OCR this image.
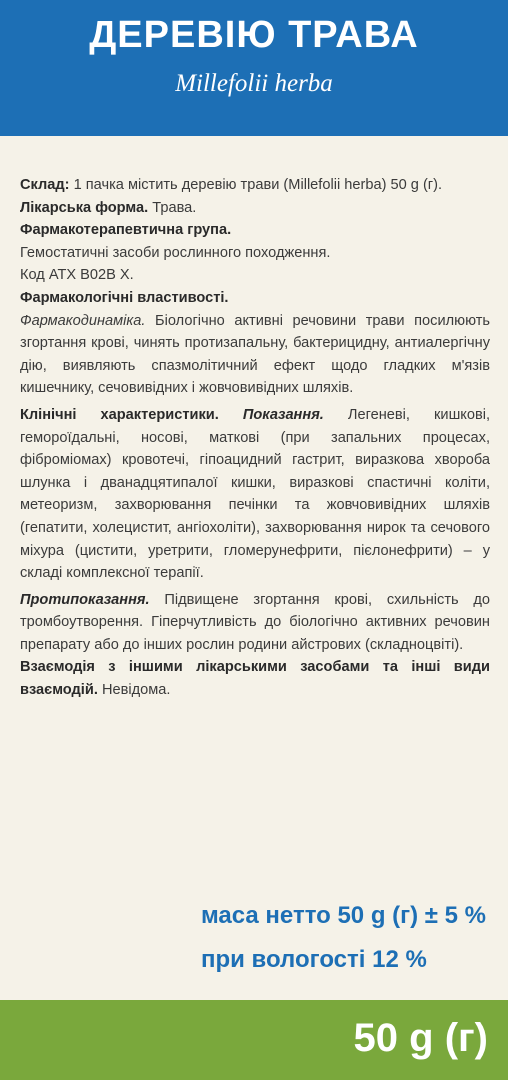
ДЕРЕВІЮ ТРАВА
Millefolii herba

Склад: 1 пачка містить деревію трави (Millefolii herba) 50 g (г).

Лікарська форма. Трава.

Фармакотерапевтична група.

Гемостатичні засоби рослинного походження.

Код АТХ В02В Х.

Фармакологічні властивості.

Фармакодинаміка. Біологічно активні речовини трави посилюють згортання крові, чинять протизапальну, бактерицидну, антиалергічну дію, виявляють спазмолітичний ефект щодо гладких м'язів кишечнику, сечовивідних і жовчовивідних шляхів.

Клінічні характеристики. Показання. Легеневі, кишкові, геморoїдальні, носові, маткові (при запальних процесах, фібромiомах) кровотечі, гіпоацидний гастрит, виразкова хвороба шлунка і дванадцятипалої кишки, виразкові спастичні коліти, метеоризм, захворювання печінки та жовчовивідних шляхів (гепатити, холецистит, ангіохоліти), захворювання нирок та сечового міхура (цистити, уретрити, гломерунефрити, пієлонефрити) – у складі комплексної терапії.

Протипоказання. Підвищене згортання крові, схильність до тромбоутворення. Гіперчутливість до біологічно активних речовин препарату або до інших рослин родини айстрових (складноцвіті).

Взаємодія з іншими лікарськими засобами та інші види взаємодій. Невідома.

маса нетто 50 g (г) ± 5 %
при вологості 12 %
50 g (г)
